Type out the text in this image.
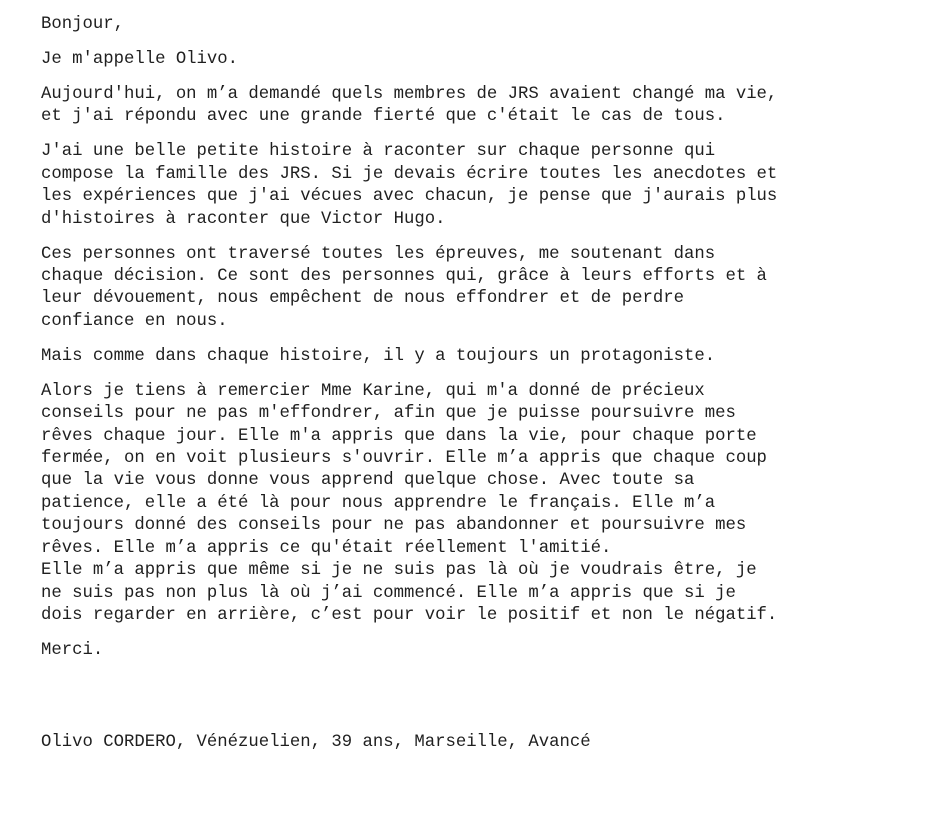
Bonjour,

Je m'appelle Olivo.

Aujourd'hui, on m’a demandé quels membres de JRS avaient changé ma vie,
et j'ai répondu avec une grande fierté que c'était le cas de tous.

J'ai une belle petite histoire à raconter sur chaque personne qui
compose la famille des JRS. Si je devais écrire toutes les anecdotes et
les expériences que j'ai vécues avec chacun, je pense que j'aurais plus
d'histoires à raconter que Victor Hugo.

Ces personnes ont traversé toutes les épreuves, me soutenant dans
chaque décision. Ce sont des personnes qui, grâce à leurs efforts et à
leur dévouement, nous empêchent de nous effondrer et de perdre
confiance en nous.

Mais comme dans chaque histoire, il y a toujours un protagoniste.

Alors je tiens à remercier Mme Karine, qui m'a donné de précieux
conseils pour ne pas m'effondrer, afin que je puisse poursuivre mes
rêves chaque jour. Elle m'a appris que dans la vie, pour chaque porte
fermée, on en voit plusieurs s'ouvrir. Elle m’a appris que chaque coup
que la vie vous donne vous apprend quelque chose. Avec toute sa
patience, elle a été là pour nous apprendre le français. Elle m’a
toujours donné des conseils pour ne pas abandonner et poursuivre mes
rêves. Elle m’a appris ce qu'était réellement l'amitié.
Elle m’a appris que même si je ne suis pas là où je voudrais être, je
ne suis pas non plus là où j’ai commencé. Elle m’a appris que si je
dois regarder en arrière, c’est pour voir le positif et non le négatif.

Merci.

Olivo CORDERO, Vénézuelien, 39 ans, Marseille, Avancé
